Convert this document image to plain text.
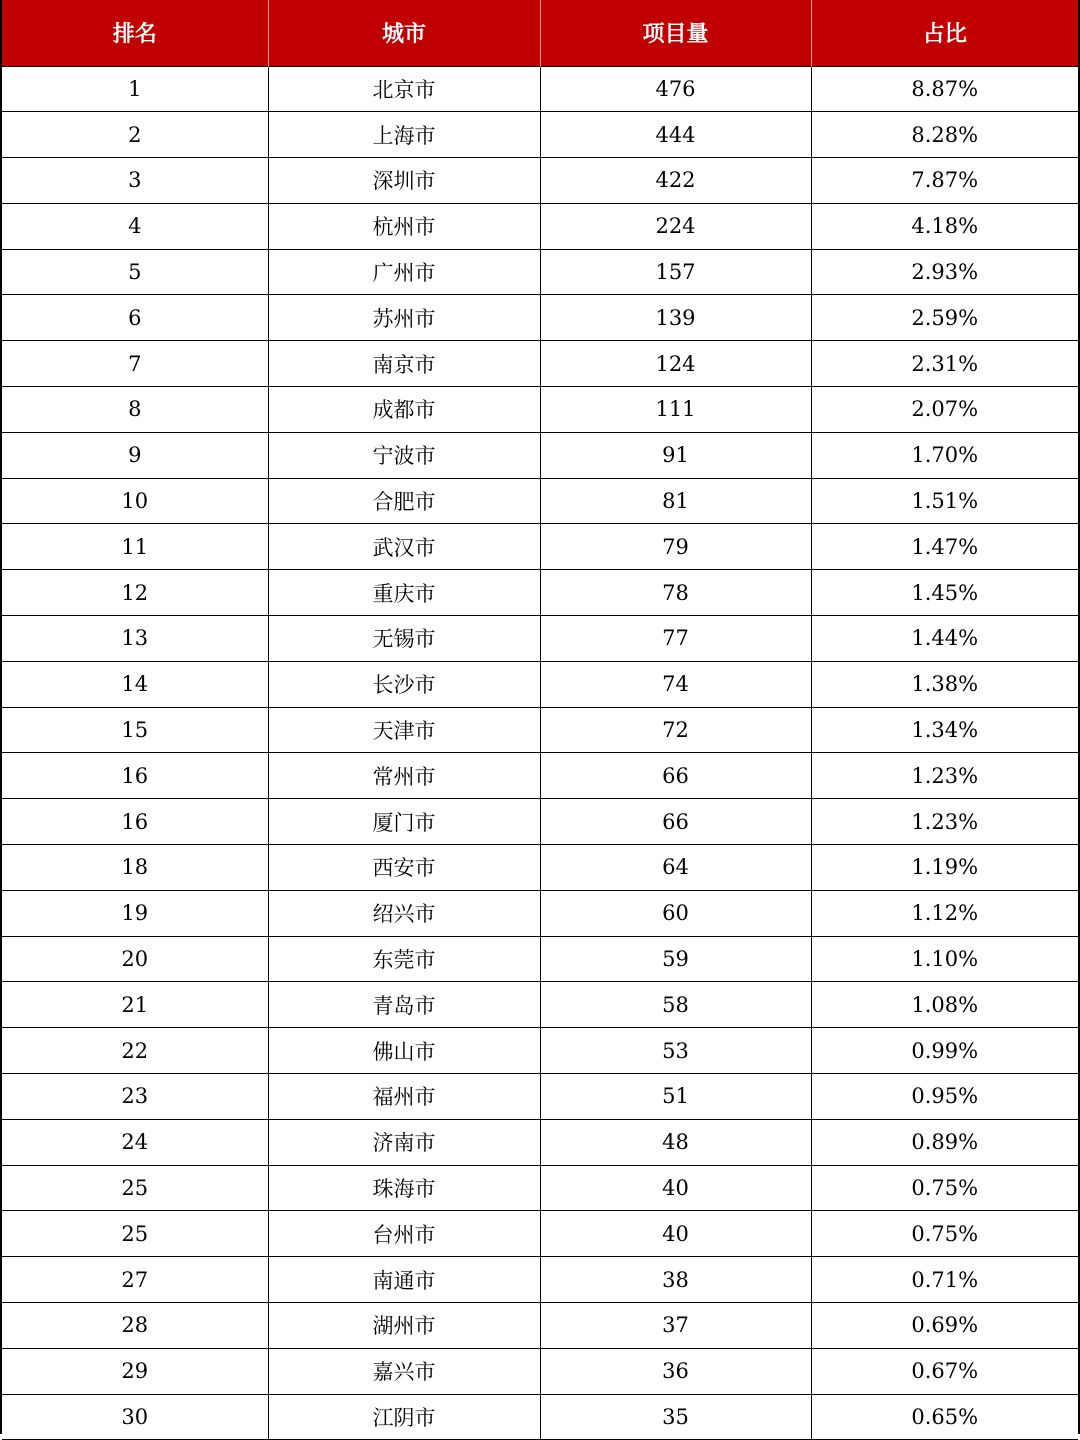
排名	城市	项目量	占比
1	北京市	476	8.87%
2	上海市	444	8.28%
3	深圳市	422	7.87%
4	杭州市	224	4.18%
5	广州市	157	2.93%
6	苏州市	139	2.59%
7	南京市	124	2.31%
8	成都市	111	2.07%
9	宁波市	91	1.70%
10	合肥市	81	1.51%
11	武汉市	79	1.47%
12	重庆市	78	1.45%
13	无锡市	77	1.44%
14	长沙市	74	1.38%
15	天津市	72	1.34%
16	常州市	66	1.23%
16	厦门市	66	1.23%
18	西安市	64	1.19%
19	绍兴市	60	1.12%
20	东莞市	59	1.10%
21	青岛市	58	1.08%
22	佛山市	53	0.99%
23	福州市	51	0.95%
24	济南市	48	0.89%
25	珠海市	40	0.75%
25	台州市	40	0.75%
27	南通市	38	0.71%
28	湖州市	37	0.69%
29	嘉兴市	36	0.67%
30	江阴市	35	0.65%
